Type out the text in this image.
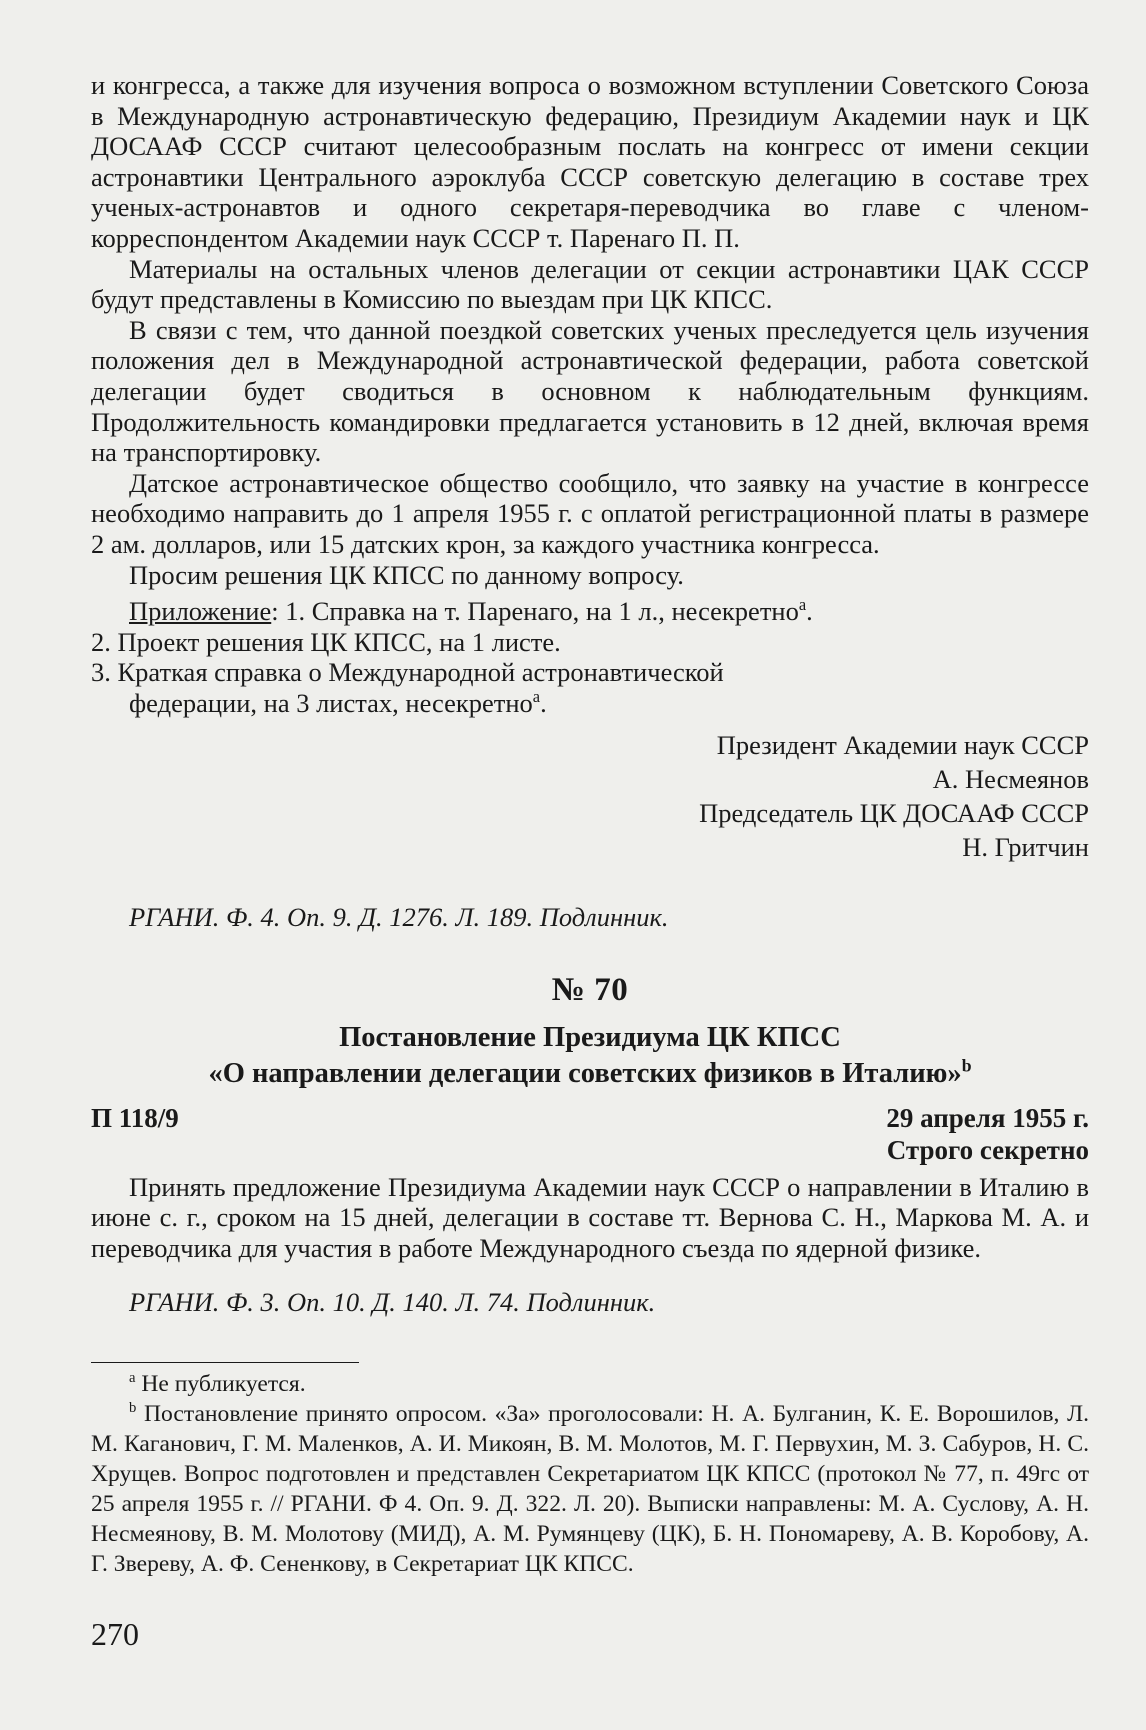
и конгресса, а также для изучения вопроса о возможном вступлении Советского Союза в Международную астронавтическую федерацию, Президиум Академии наук и ЦК ДОСААФ СССР считают целесообразным послать на конгресс от имени секции астронавтики Центрального аэроклуба СССР советскую делегацию в составе трех ученых-астронавтов и одного секретаря-переводчика во главе с членом-корреспондентом Академии наук СССР т. Паренаго П. П.

Материалы на остальных членов делегации от секции астронавтики ЦАК СССР будут представлены в Комиссию по выездам при ЦК КПСС.

В связи с тем, что данной поездкой советских ученых преследуется цель изучения положения дел в Международной астронавтической федерации, работа советской делегации будет сводиться в основном к наблюдательным функциям. Продолжительность командировки предлагается установить в 12 дней, включая время на транспортировку.

Датское астронавтическое общество сообщило, что заявку на участие в конгрессе необходимо направить до 1 апреля 1955 г. с оплатой регистрационной платы в размере 2 ам. долларов, или 15 датских крон, за каждого участника конгресса.

Просим решения ЦК КПСС по данному вопросу.

Приложение: 1. Справка на т. Паренаго, на 1 л., несекретно$^а$.
2. Проект решения ЦК КПСС, на 1 листе.
3. Краткая справка о Международной астронавтической
федерации, на 3 листах, несекретно$^а$.
Президент Академии наук СССР
А. Несмеянов
Председатель ЦК ДОСААФ СССР
Н. Гритчин

РГАНИ. Ф. 4. Оп. 9. Д. 1276. Л. 189. Подлинник.

№ 70
Постановление Президиума ЦК КПСС
«О направлении делегации советских физиков в Италию»$^b$
П 118/9	29 апреля 1955 г.
Строго секретно

Принять предложение Президиума Академии наук СССР о направлении в Италию в июне с. г., сроком на 15 дней, делегации в составе тт. Вернова С. Н., Маркова М. А. и переводчика для участия в работе Международного съезда по ядерной физике.

РГАНИ. Ф. 3. Оп. 10. Д. 140. Л. 74. Подлинник.

$^a$ Не публикуется.

$^b$ Постановление принято опросом. «За» проголосовали: Н. А. Булганин, К. Е. Ворошилов, Л. М. Каганович, Г. М. Маленков, А. И. Микоян, В. М. Молотов, М. Г. Первухин, М. З. Сабуров, Н. С. Хрущев. Вопрос подготовлен и представлен Секретариатом ЦК КПСС (протокол № 77, п. 49гс от 25 апреля 1955 г. // РГАНИ. Ф 4. Оп. 9. Д. 322. Л. 20). Выписки направлены: М. А. Суслову, А. Н. Несмеянову, В. М. Молотову (МИД), А. М. Румянцеву (ЦК), Б. Н. Пономареву, А. В. Коробову, А. Г. Звереву, А. Ф. Сененкову, в Секретариат ЦК КПСС.

270
